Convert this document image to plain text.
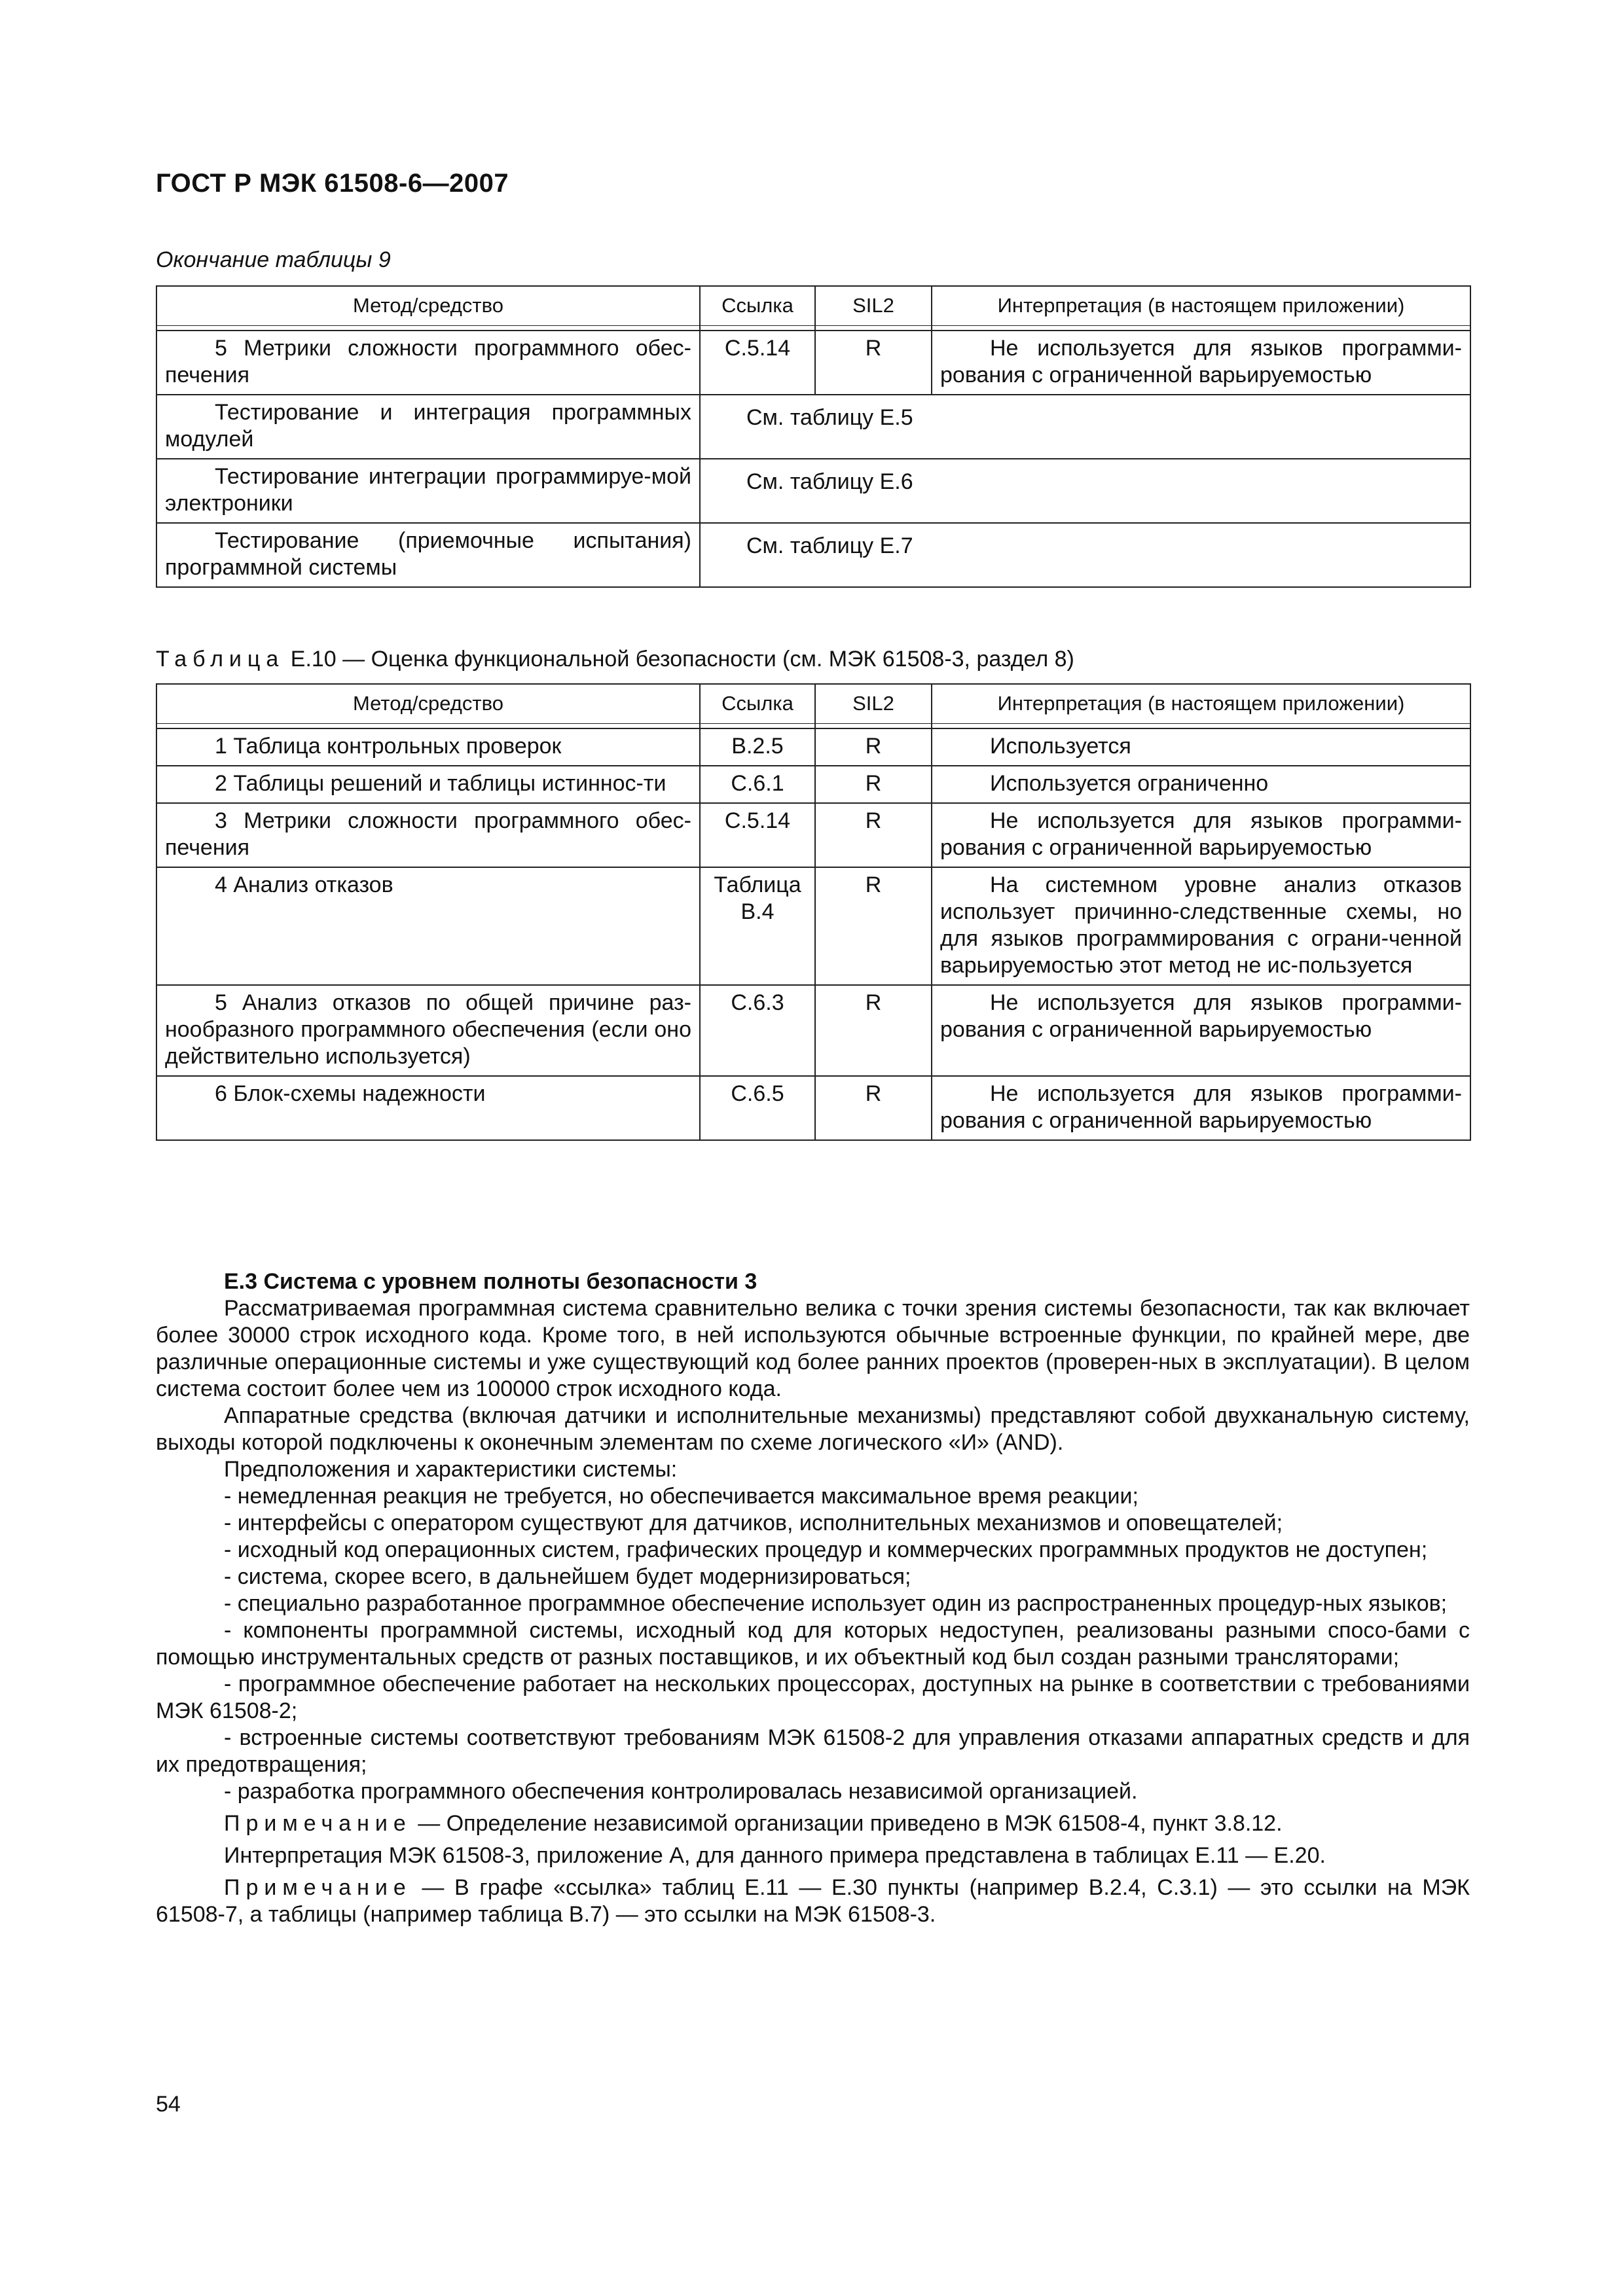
ГОСТ Р МЭК 61508-6—2007
Окончание таблицы 9
Метод/средство	Ссылка	SIL2	Интерпретация (в настоящем приложении)

5 Метрики сложности программного обес-печения	C.5.14	R	Не используется для языков программи-рования с ограниченной варьируемостью
Тестирование и интеграция программных модулей	См. таблицу Е.5		
Тестирование интеграции программируе-мой электроники	См. таблицу Е.6		
Тестирование (приемочные испытания) программной системы	См. таблицу Е.7		
Таблица Е.10 — Оценка функциональной безопасности (см. МЭК 61508-3, раздел 8)
Метод/средство	Ссылка	SIL2	Интерпретация (в настоящем приложении)

1 Таблица контрольных проверок	B.2.5	R	Используется
2 Таблицы решений и таблицы истиннос-ти	C.6.1	R	Используется ограниченно
3 Метрики сложности программного обес-печения	C.5.14	R	Не используется для языков программи-рования с ограниченной варьируемостью
4 Анализ отказов	Таблица B.4	R	На системном уровне анализ отказов использует причинно-следственные схемы, но для языков программирования с ограни-ченной варьируемостью этот метод не ис-пользуется
5 Анализ отказов по общей причине раз-нообразного программного обеспечения (если оно действительно используется)	C.6.3	R	Не используется для языков программи-рования с ограниченной варьируемостью
6 Блок-схемы надежности	C.6.5	R	Не используется для языков программи-рования с ограниченной варьируемостью

Е.3 Система с уровнем полноты безопасности 3

Рассматриваемая программная система сравнительно велика с точки зрения системы безопасности, так как включает более 30000 строк исходного кода. Кроме того, в ней используются обычные встроенные функции, по крайней мере, две различные операционные системы и уже существующий код более ранних проектов (проверен-ных в эксплуатации). В целом система состоит более чем из 100000 строк исходного кода.

Аппаратные средства (включая датчики и исполнительные механизмы) представляют собой двухканальную систему, выходы которой подключены к оконечным элементам по схеме логического «И» (AND).

Предположения и характеристики системы:

- немедленная реакция не требуется, но обеспечивается максимальное время реакции;

- интерфейсы с оператором существуют для датчиков, исполнительных механизмов и оповещателей;

- исходный код операционных систем, графических процедур и коммерческих программных продуктов не доступен;

- система, скорее всего, в дальнейшем будет модернизироваться;

- специально разработанное программное обеспечение использует один из распространенных процедур-ных языков;

- компоненты программной системы, исходный код для которых недоступен, реализованы разными спосо-бами с помощью инструментальных средств от разных поставщиков, и их объектный код был создан разными трансляторами;

- программное обеспечение работает на нескольких процессорах, доступных на рынке в соответствии с требованиями МЭК 61508-2;

- встроенные системы соответствуют требованиям МЭК 61508-2 для управления отказами аппаратных средств и для их предотвращения;

- разработка программного обеспечения контролировалась независимой организацией.

Примечание — Определение независимой организации приведено в МЭК 61508-4, пункт 3.8.12.

Интерпретация МЭК 61508-3, приложение А, для данного примера представлена в таблицах Е.11 — Е.20.

Примечание — В графе «ссылка» таблиц Е.11 — Е.30 пункты (например В.2.4, С.3.1) — это ссылки на МЭК 61508-7, а таблицы (например таблица В.7) — это ссылки на МЭК 61508-3.

54
